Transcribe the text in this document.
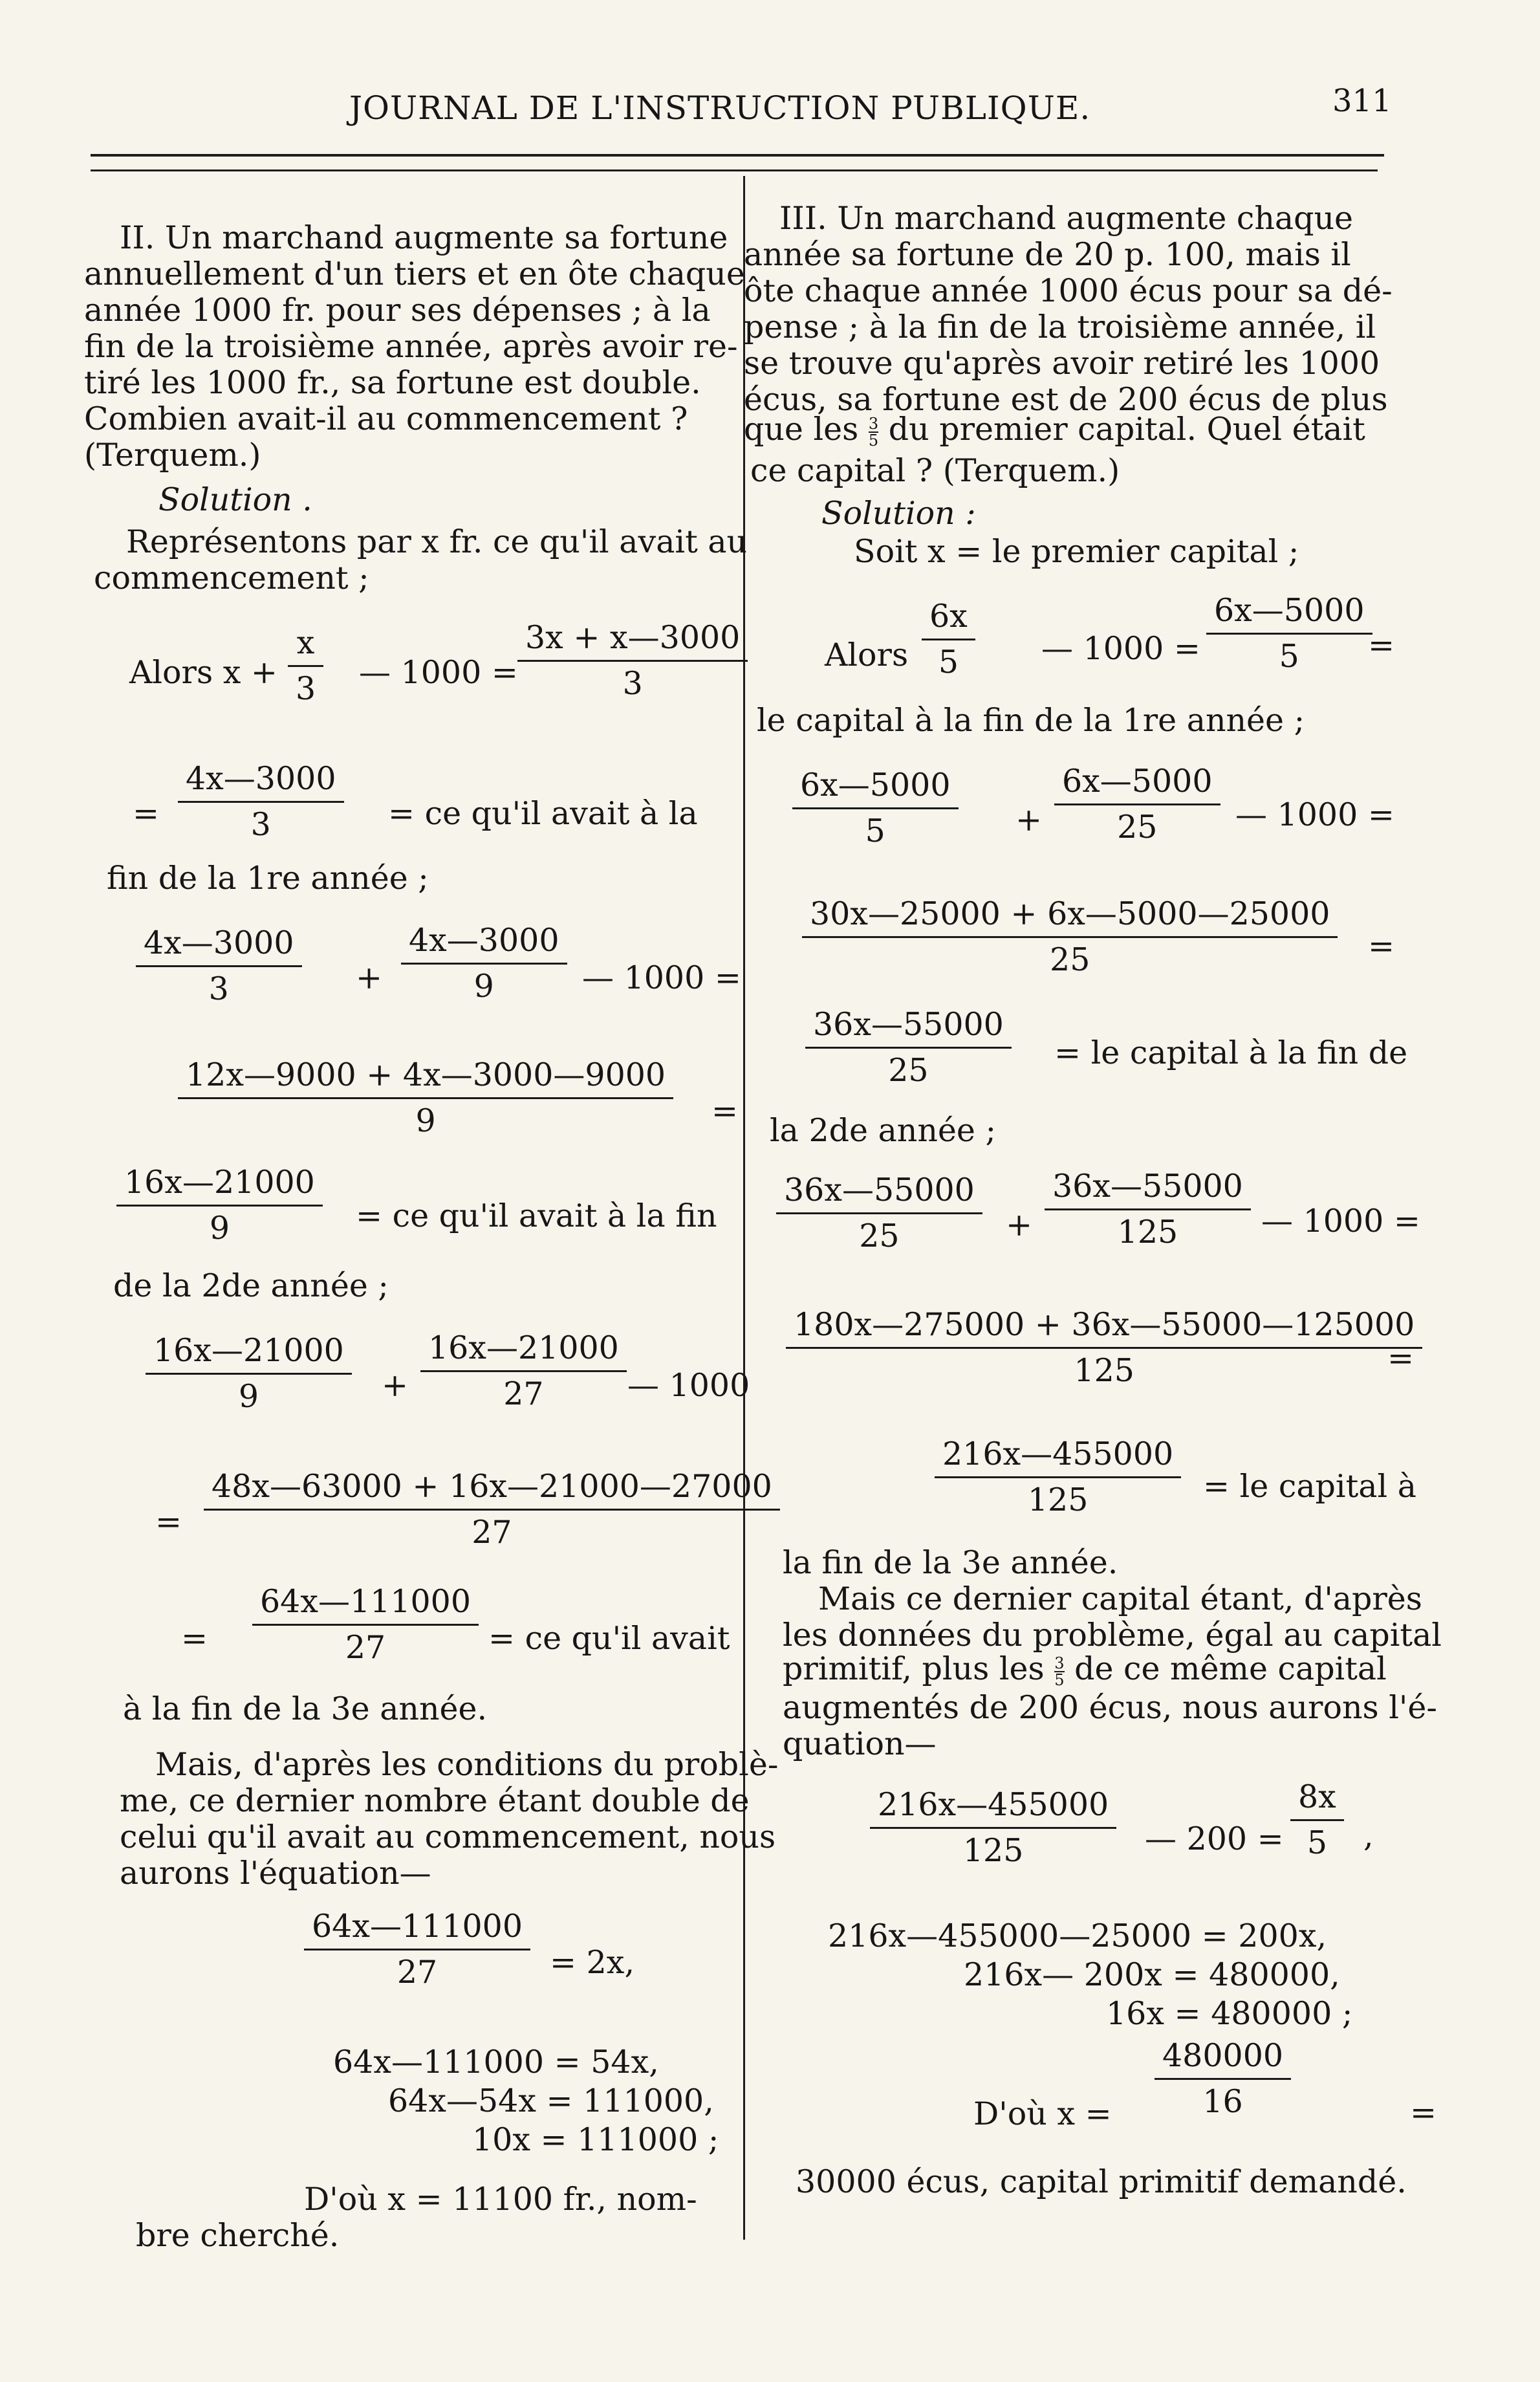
JOURNAL DE L'INSTRUCTION PUBLIQUE.	311
II. Un marchand augmente sa fortune
annuellement d'un tiers et en ôte chaque
année 1000 fr. pour ses dépenses ; à la
fin de la troisième année, après avoir re-
tiré les 1000 fr., sa fortune est double.
Combien avait-il au commencement ?
(Terquem.)
Solution .
Représentons par x fr. ce qu'il avait au
commencement ;
Alors x +
x
3 — 1000 =
3x + x—3000
3
=
4x—3000
3	= ce qu'il avait à la
fin de la 1re année ;
4x—3000
3	+
4x—3000
9	— 1000 =
12x—9000 + 4x—3000—9000
9	=
16x—21000
9	= ce qu'il avait à la fin
de la 2de année ;
16x—21000
9	+
16x—21000
27	— 1000
=
48x—63000 + 16x—21000—27000
27
=
64x—111000
27	= ce qu'il avait
à la fin de la 3e année.
Mais, d'après les conditions du problè-
me, ce dernier nombre étant double de
celui qu'il avait au commencement, nous
aurons l'équation—
64x—111000
27	= 2x,
64x—111000 = 54x,
64x—54x = 111000,
10x = 111000 ;
D'où x = 11100 fr., nom-
bre cherché.
III. Un marchand augmente chaque
année sa fortune de 20 p. 100, mais il
ôte chaque année 1000 écus pour sa dé-
pense ; à la fin de la troisième année, il
se trouve qu'après avoir retiré les 1000
écus, sa fortune est de 200 écus de plus
que les $\frac{3}{5}$ du premier capital. Quel était
ce capital ? (Terquem.)
Solution :
Soit x = le premier capital ;
Alors
6x
5	— 1000 =
6x—5000
5 =
le capital à la fin de la 1re année ;
6x—5000
5	+
6x—5000
25 — 1000 =
30x—25000 + 6x—5000—25000
25	=
36x—55000
25	= le capital à la fin de
la 2de année ;
36x—55000
25	+
36x—55000
125	— 1000 =
180x—275000 + 36x—55000—125000
125	=
216x—455000
125	= le capital à
la fin de la 3e année.
Mais ce dernier capital étant, d'après
les données du problème, égal au capital
primitif, plus les $\frac{3}{5}$ de ce même capital
augmentés de 200 écus, nous aurons l'é-
quation—
216x—455000
125	— 200 =
8x
5 ,
216x—455000—25000 = 200x,
216x— 200x = 480000,
16x = 480000 ;
D'où x =
480000
16	=
30000 écus, capital primitif demandé.
